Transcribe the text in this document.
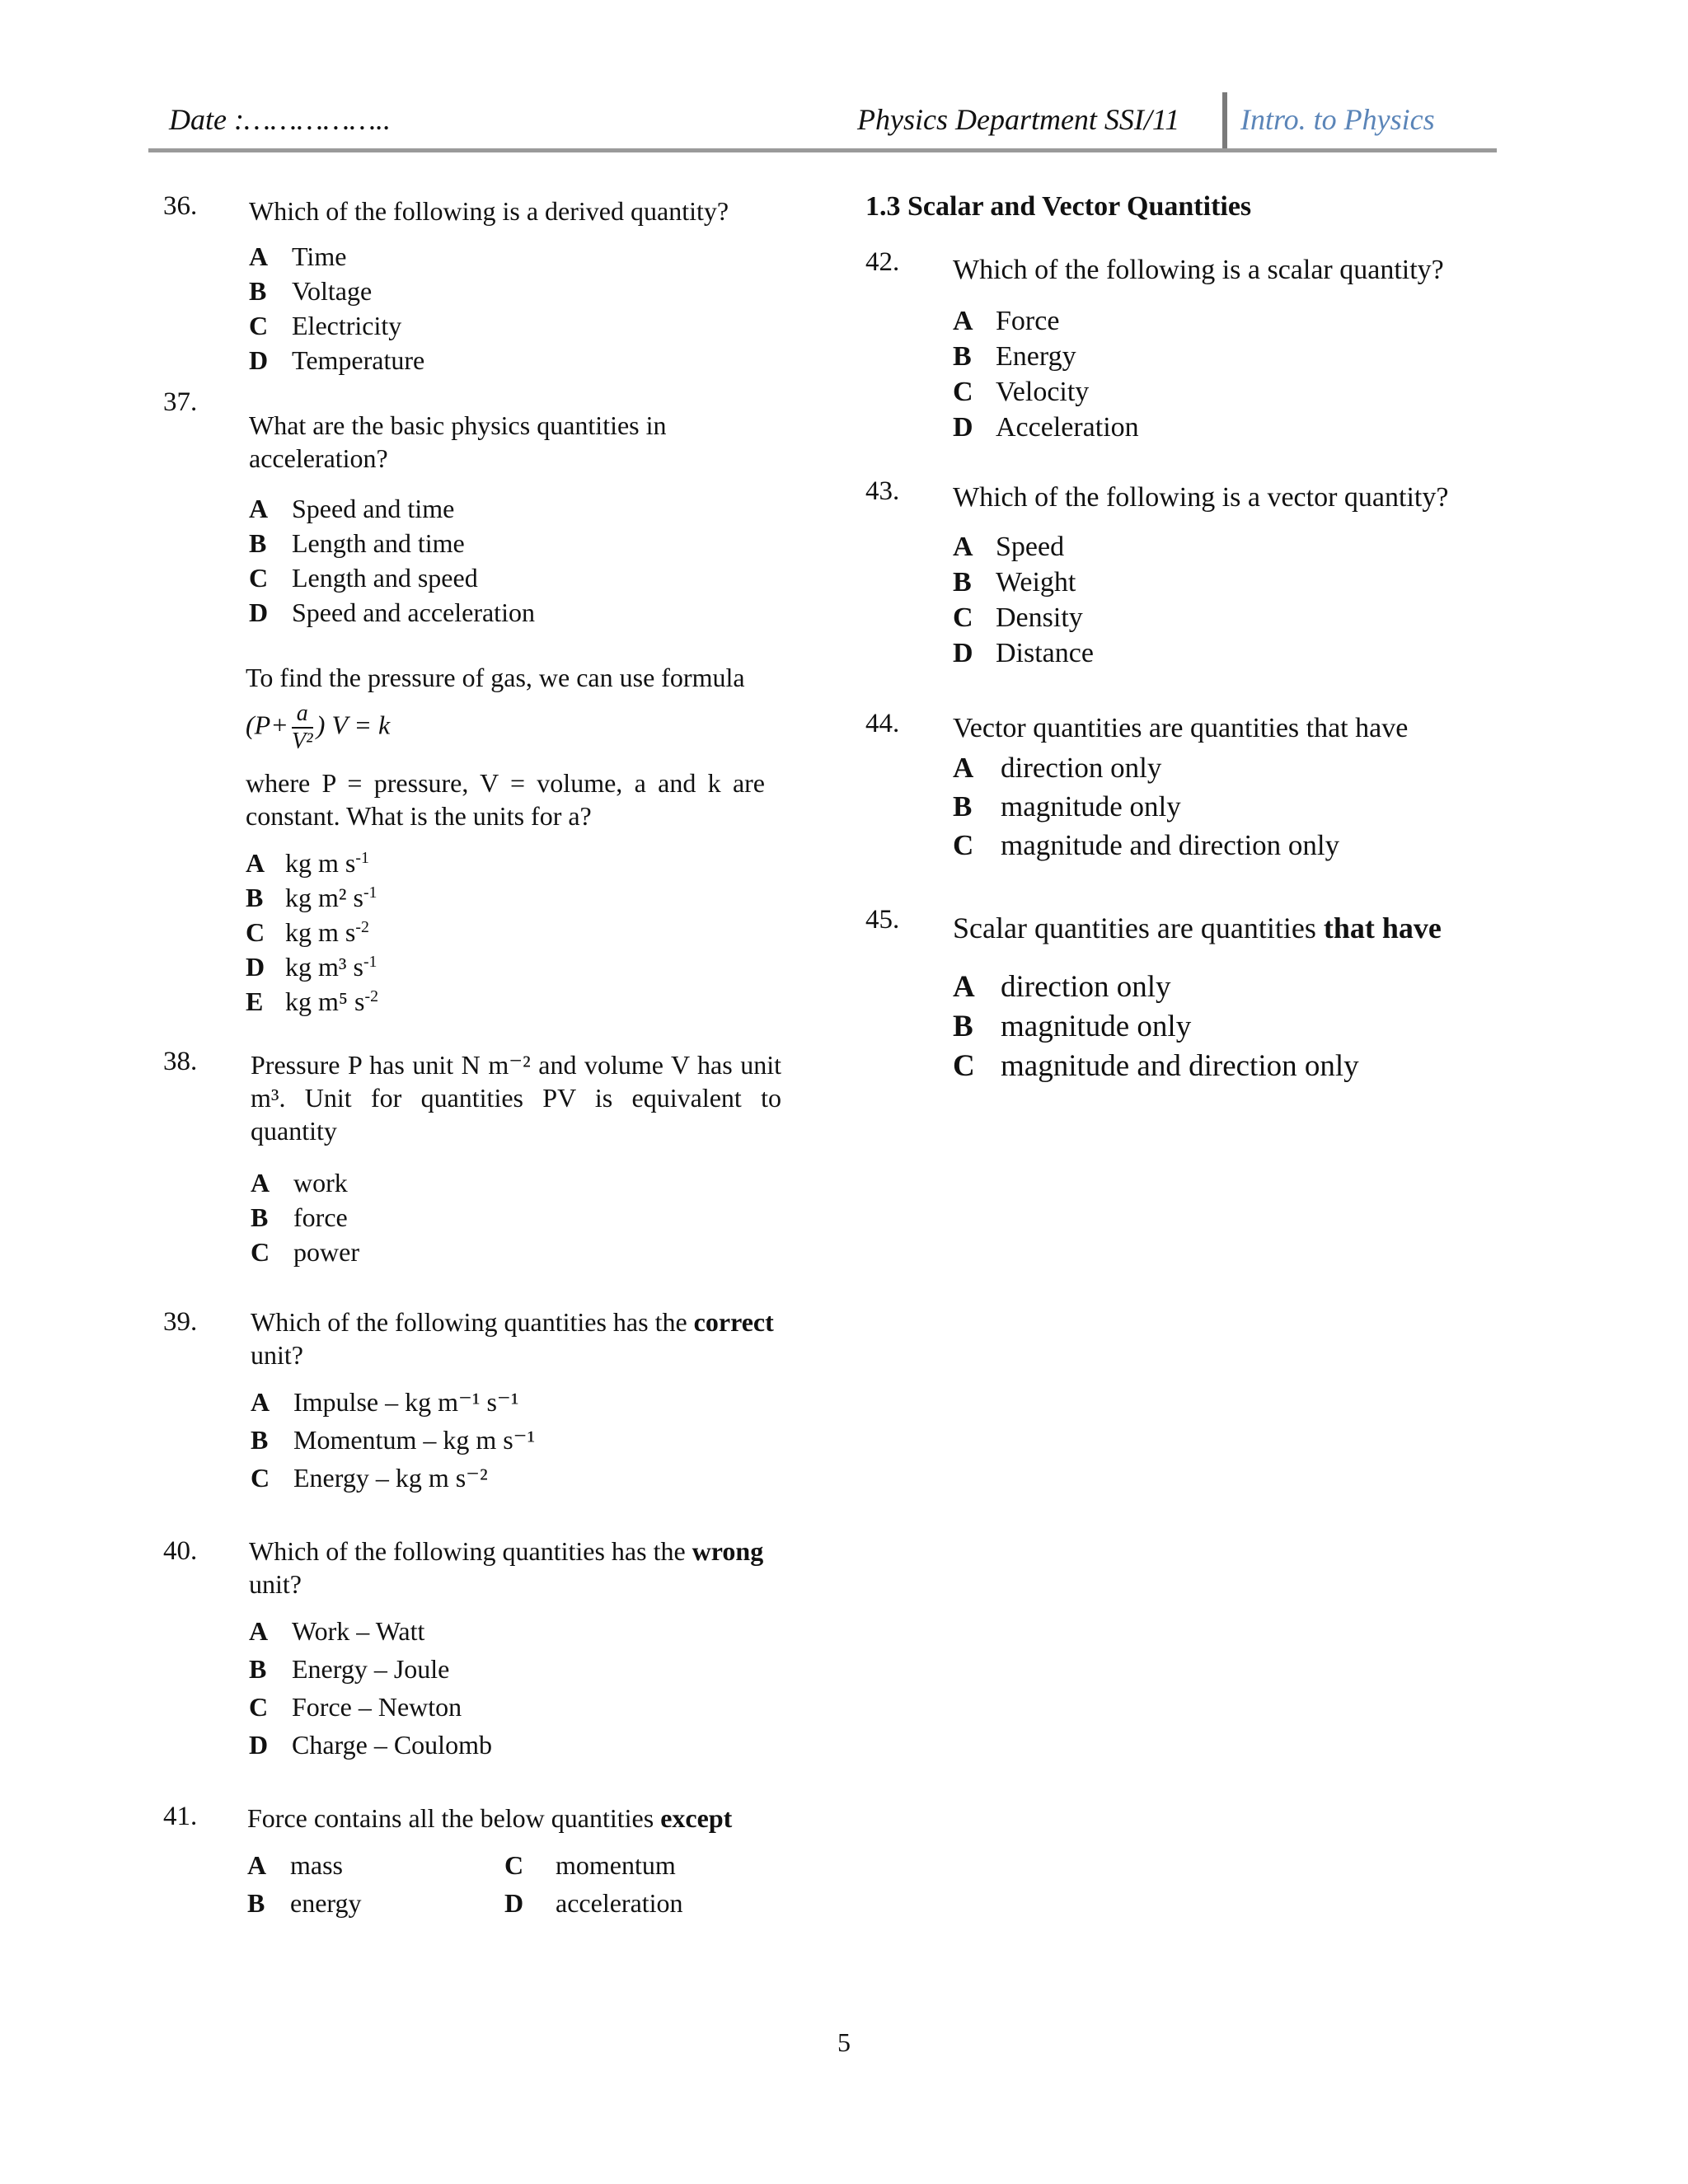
Date :……………..	Physics Department SSI/11 Intro. to Physics
36. Which of the following is a derived quantity?
A Time
B Voltage
C Electricity
D Temperature
37.
What are the basic physics quantities in acceleration?
A Speed and time
B Length and time
C Length and speed
D Speed and acceleration
To find the pressure of gas, we can use formula
($P+ \frac{a}{\text{V²}}$ ) V = k
where P = pressure, V = volume, a and k are constant. What is the units for a?
A kg m $s^{-1}$
B kg m² $s^{-1}$
C kg m $s^{-2}$
D kg m³ $s^{-1}$
E kg m⁵ $s^{-2}$
38. Pressure P has unit N m⁻² and volume V has unit m³. Unit for quantities PV is equivalent to quantity
A work
B force
C power
39. Which of the following quantities has the correct unit?
A Impulse – kg m⁻¹ s⁻¹
B Momentum – kg m s⁻¹
C Energy – kg m s⁻²
40. Which of the following quantities has the wrong unit?
A Work – Watt
B Energy – Joule
C Force – Newton
D Charge – Coulomb
41. Force contains all the below quantities except
A mass
B energy
C momentum
D acceleration
1.3 Scalar and Vector Quantities
42. Which of the following is a scalar quantity?
A Force
B Energy
C Velocity
D Acceleration
43. Which of the following is a vector quantity?
A Speed
B Weight
C Density
D Distance
44. Vector quantities are quantities that have
A direction only
B magnitude only
C magnitude and direction only
45. Scalar quantities are quantities that have
A direction only
B magnitude only
C magnitude and direction only
5
